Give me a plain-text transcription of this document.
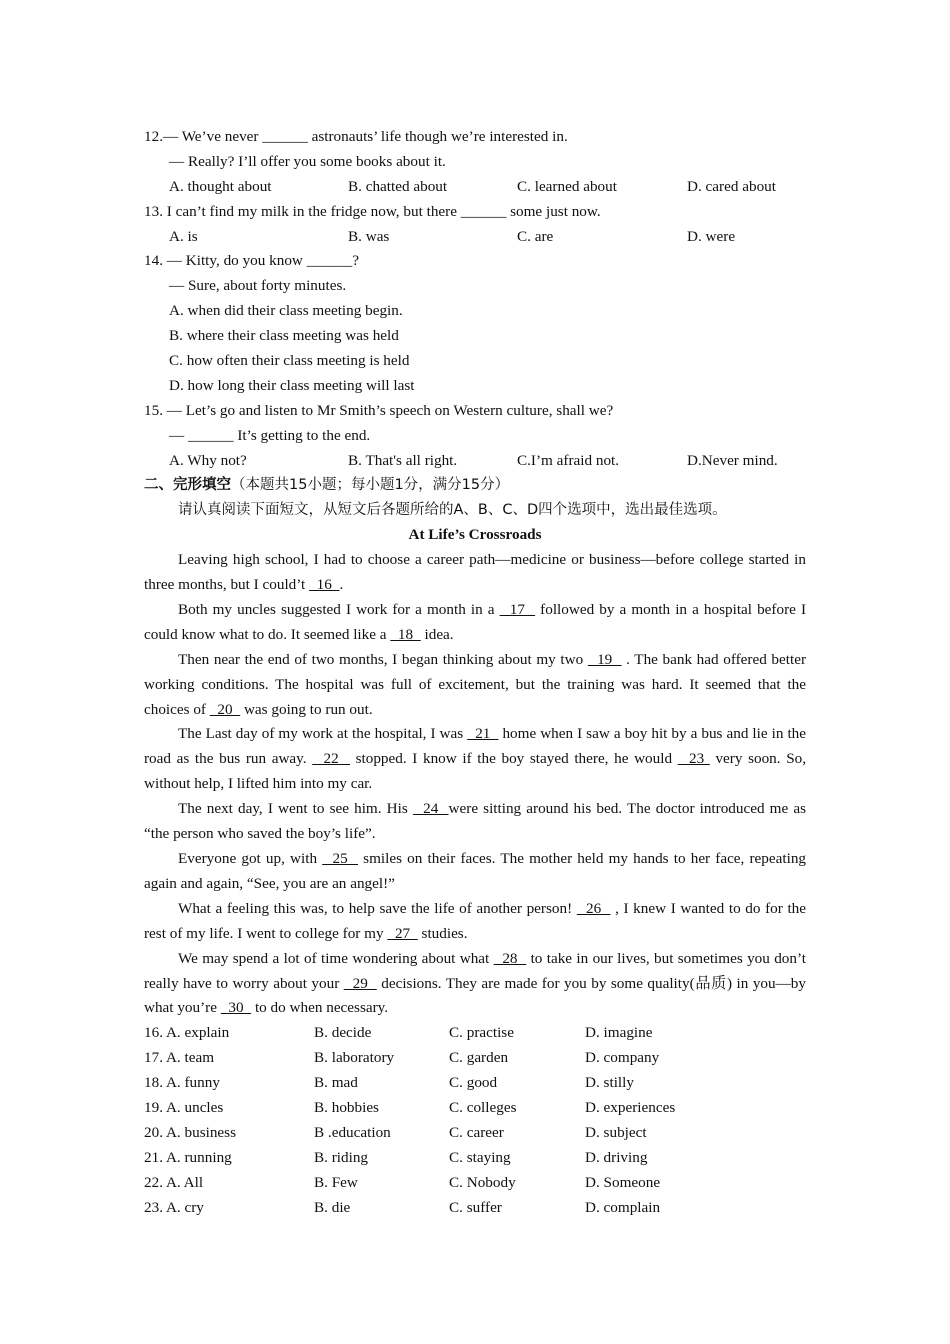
12.— We’ve never ______ astronauts’ life though we’re interested in.
— Really? I’ll offer you some books about it.
A. thought about	B. chatted about	C. learned about	D. cared about
13. I can’t find my milk in the fridge now, but there ______ some just now.
A. is	B. was	C. are	D. were
14. — Kitty, do you know ______?
— Sure, about forty minutes.
A. when did their class meeting begin.
B. where their class meeting was held
C. how often their class meeting is held
D. how long their class meeting will last
15. — Let’s go and listen to Mr Smith’s speech on Western culture, shall we?
— ______ It’s getting to the end.
A. Why not?	B. That's all right.	C.I’m afraid not.	D.Never mind.
二、完形填空（本题共15小题；每小题1分，满分15分）
请认真阅读下面短文，从短文后各题所给的A、B、C、D四个选项中，选出最佳选项。
At Life’s Crossroads

Leaving high school, I had to choose a career path—medicine or business—before college started in three months, but I could’t   16  .

Both my uncles suggested I work for a month in a   17   followed by a month in a hospital before I could know what to do. It seemed like a   18   idea.

Then near the end of two months, I began thinking about my two   19   . The bank had offered better working conditions. The hospital was full of excitement, but the training was hard. It seemed that the choices of   20   was going to run out.

The Last day of my work at the hospital, I was   21   home when I saw a boy hit by a bus and lie in the road as the bus run away.   22   stopped. I know if the boy stayed there, he would   23  very soon. So, without help, I lifted him into my car.

The next day, I went to see him. His   24  were sitting around his bed. The doctor introduced me as “the person who saved the boy’s life”.

Everyone got up, with   25   smiles on their faces. The mother held my hands to her face, repeating again and again, “See, you are an angel!”

What a feeling this was, to help save the life of another person!   26   , I knew I wanted to do for the rest of my life. I went to college for my   27   studies.

We may spend a lot of time wondering about what   28   to take in our lives, but sometimes you don’t really have to worry about your   29   decisions. They are made for you by some quality(品质) in you—by what you’re   30   to do when necessary.

16. A. explain	B. decide	C. practise	D. imagine
17. A. team	B. laboratory	C. garden	D. company
18. A. funny	B. mad	C. good	D. stilly
19. A. uncles	B. hobbies	C. colleges	D. experiences
20. A. business	B .education	C. career	D. subject
21. A. running	B. riding	C. staying	D. driving
22. A. All	B. Few	C. Nobody	D. Someone
23. A. cry	B. die	C. suffer	D. complain
